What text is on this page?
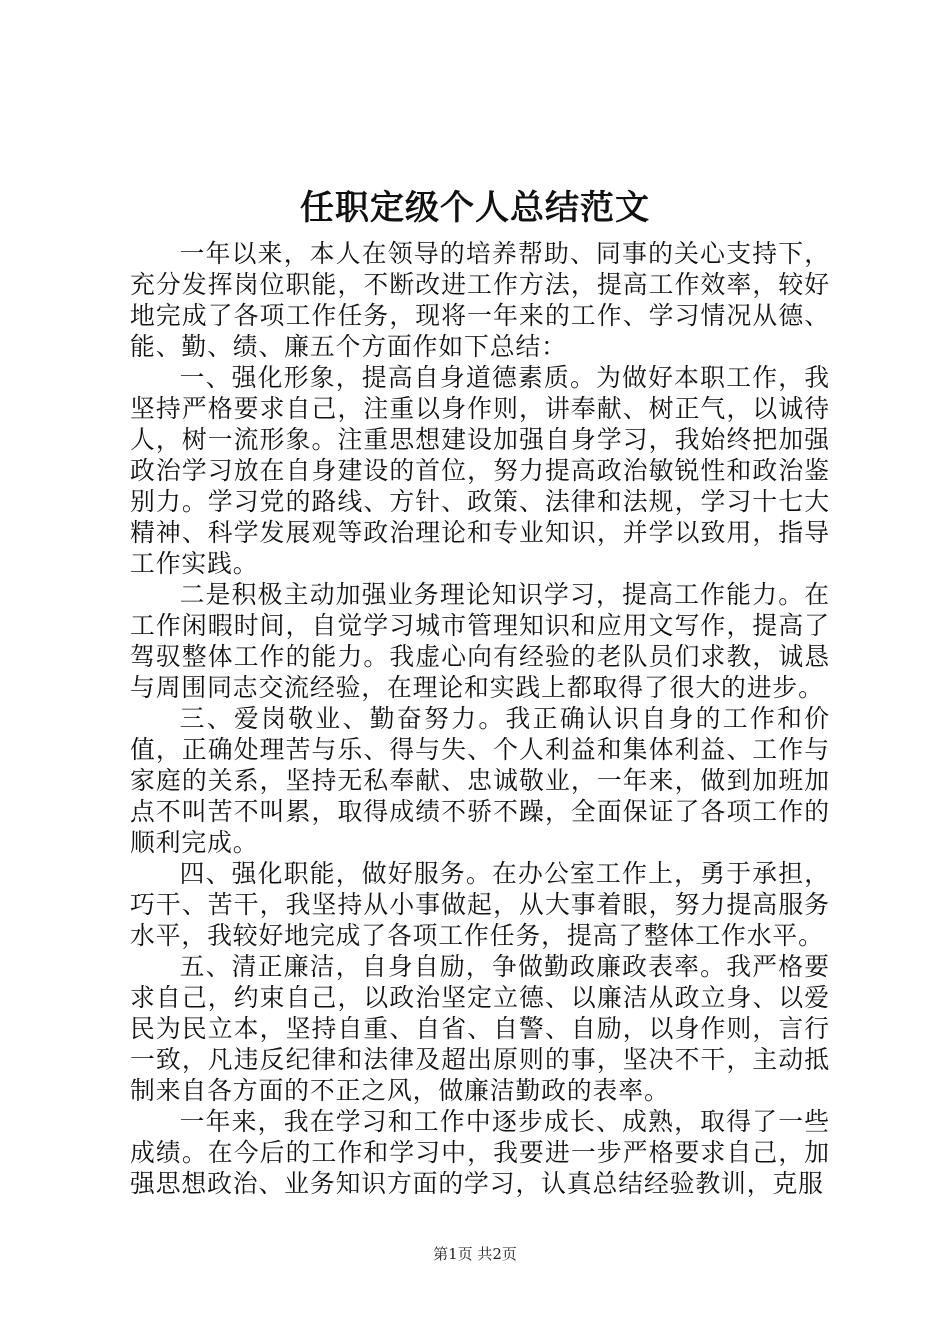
任职定级个人总结范文

一年以来，本人在领导的培养帮助、同事的关心支持下，充分发挥岗位职能，不断改进工作方法，提高工作效率，较好地完成了各项工作任务，现将一年来的工作、学习情况从德、能、勤、绩、廉五个方面作如下总结：

一、强化形象，提高自身道德素质。为做好本职工作，我坚持严格要求自己，注重以身作则，讲奉献、树正气，以诚待人，树一流形象。注重思想建设加强自身学习，我始终把加强政治学习放在自身建设的首位，努力提高政治敏锐性和政治鉴别力。学习党的路线、方针、政策、法律和法规，学习十七大精神、科学发展观等政治理论和专业知识，并学以致用，指导工作实践。

二是积极主动加强业务理论知识学习，提高工作能力。在工作闲暇时间，自觉学习城市管理知识和应用文写作，提高了驾驭整体工作的能力。我虚心向有经验的老队员们求教，诚恳与周围同志交流经验，在理论和实践上都取得了很大的进步。

三、爱岗敬业、勤奋努力。我正确认识自身的工作和价值，正确处理苦与乐、得与失、个人利益和集体利益、工作与家庭的关系，坚持无私奉献、忠诚敬业，一年来，做到加班加点不叫苦不叫累，取得成绩不骄不躁，全面保证了各项工作的顺利完成。

四、强化职能，做好服务。在办公室工作上，勇于承担，巧干、苦干，我坚持从小事做起，从大事着眼，努力提高服务水平，我较好地完成了各项工作任务，提高了整体工作水平。

五、清正廉洁，自身自励，争做勤政廉政表率。我严格要求自己，约束自己，以政治坚定立德、以廉洁从政立身、以爱民为民立本，坚持自重、自省、自警、自励，以身作则，言行一致，凡违反纪律和法律及超出原则的事，坚决不干，主动抵制来自各方面的不正之风，做廉洁勤政的表率。

一年来，我在学习和工作中逐步成长、成熟，取得了一些成绩。在今后的工作和学习中，我要进一步严格要求自己，加强思想政治、业务知识方面的学习，认真总结经验教训，克服

第1页 共2页
